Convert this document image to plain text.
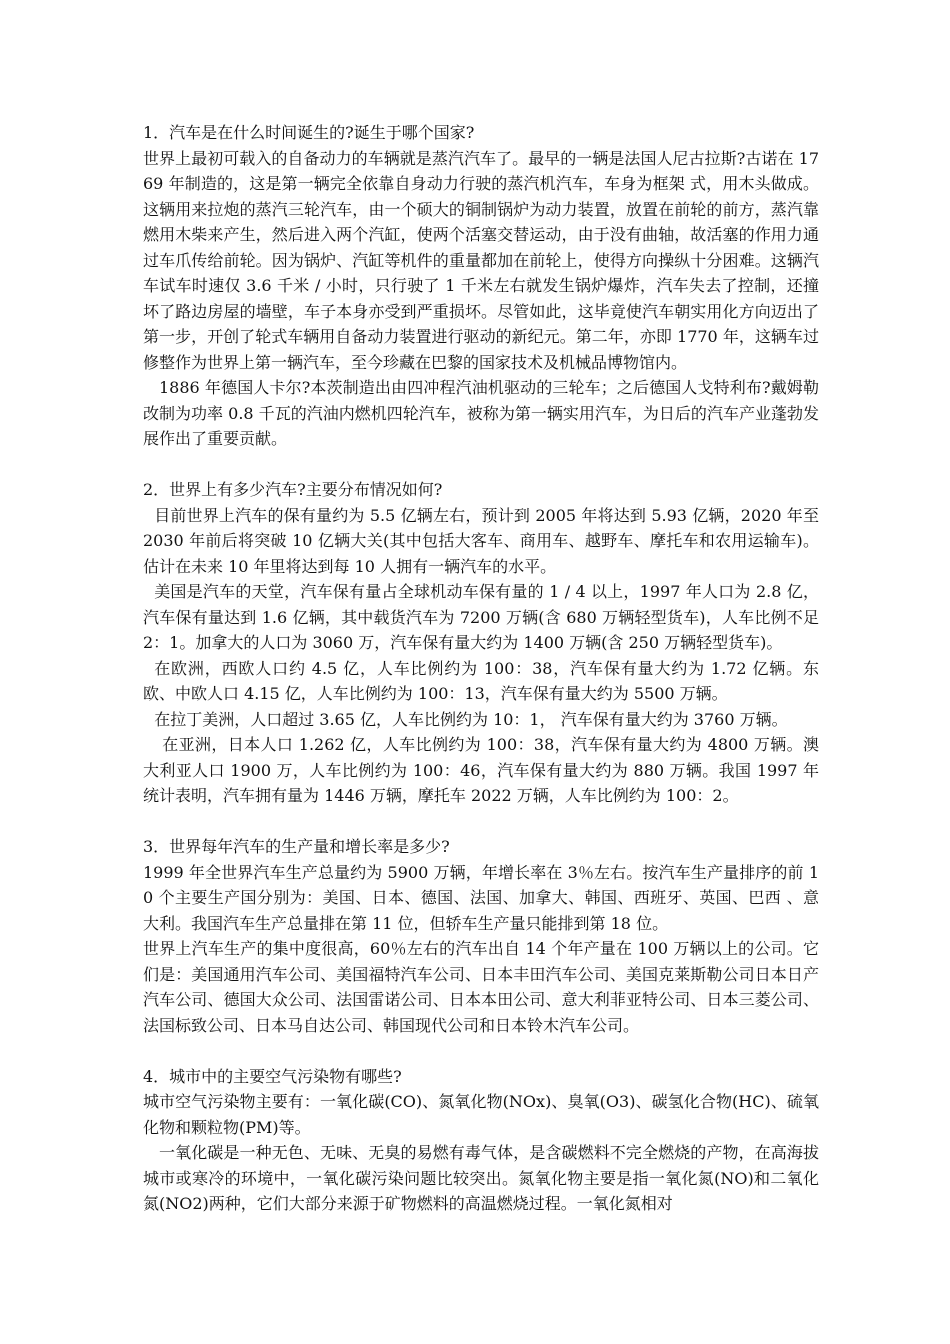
1．汽车是在什么时间诞生的?诞生于哪个国家?

世界上最初可载入的自备动力的车辆就是蒸汽汽车了。最早的一辆是法国人尼古拉斯?古诺在 1769 年制造的，这是第一辆完全依靠自身动力行驶的蒸汽机汽车，车身为框架 式，用木头做成。这辆用来拉炮的蒸汽三轮汽车，由一个硕大的铜制锅炉为动力装置，放置在前轮的前方，蒸汽靠燃用木柴来产生，然后进入两个汽缸，使两个活塞交替运动，由于没有曲轴，故活塞的作用力通过车爪传给前轮。因为锅炉、汽缸等机件的重量都加在前轮上，使得方向操纵十分困难。这辆汽车试车时速仅 3.6 千米 / 小时，只行驶了 1 千米左右就发生锅炉爆炸，汽车失去了控制，还撞坏了路边房屋的墙壁，车子本身亦受到严重损坏。尽管如此，这毕竟使汽车朝实用化方向迈出了第一步，开创了轮式车辆用自备动力装置进行驱动的新纪元。第二年，亦即 1770 年，这辆车过修整作为世界上第一辆汽车，至今珍藏在巴黎的国家技术及机械品博物馆内。

1886 年德国人卡尔?本茨制造出由四冲程汽油机驱动的三轮车；之后德国人戈特利布?戴姆勒改制为功率 0.8 千瓦的汽油内燃机四轮汽车，被称为第一辆实用汽车，为日后的汽车产业蓬勃发展作出了重要贡献。

2．世界上有多少汽车?主要分布情况如何?

目前世界上汽车的保有量约为 5.5 亿辆左右，预计到 2005 年将达到 5.93 亿辆，2020 年至 2030 年前后将突破 10 亿辆大关(其中包括大客车、商用车、越野车、摩托车和农用运输车)。估计在未来 10 年里将达到每 10 人拥有一辆汽车的水平。

美国是汽车的天堂，汽车保有量占全球机动车保有量的 1 / 4 以上，1997 年人口为 2.8 亿，汽车保有量达到 1.6 亿辆，其中载货汽车为 7200 万辆(含 680 万辆轻型货车)，人车比例不足 2：1。加拿大的人口为 3060 万，汽车保有量大约为 1400 万辆(含 250 万辆轻型货车)。

在欧洲，西欧人口约 4.5 亿，人车比例约为 100：38，汽车保有量大约为 1.72 亿辆。东欧、中欧人口 4.15 亿，人车比例约为 100：13，汽车保有量大约为 5500 万辆。

在拉丁美洲，人口超过 3.65 亿，人车比例约为 10：1， 汽车保有量大约为 3760 万辆。

在亚洲，日本人口 1.262 亿，人车比例约为 100：38，汽车保有量大约为 4800 万辆。澳大利亚人口 1900 万，人车比例约为 100：46，汽车保有量大约为 880 万辆。我国 1997 年统计表明，汽车拥有量为 1446 万辆，摩托车 2022 万辆，人车比例约为 100：2。

3．世界每年汽车的生产量和增长率是多少?

1999 年全世界汽车生产总量约为 5900 万辆，年增长率在 3％左右。按汽车生产量排序的前 10 个主要生产国分别为：美国、日本、德国、法国、加拿大、韩国、西班牙、英国、巴西 、意大利。我国汽车生产总量排在第 11 位，但轿车生产量只能排到第 18 位。

世界上汽车生产的集中度很高，60％左右的汽车出自 14 个年产量在 100 万辆以上的公司。它们是：美国通用汽车公司、美国福特汽车公司、日本丰田汽车公司、美国克莱斯勒公司日本日产汽车公司、德国大众公司、法国雷诺公司、日本本田公司、意大利菲亚特公司、日本三菱公司、法国标致公司、日本马自达公司、韩国现代公司和日本铃木汽车公司。

4．城市中的主要空气污染物有哪些?

城市空气污染物主要有：一氧化碳(CO)、氮氧化物(NOx)、臭氧(O3)、碳氢化合物(HC)、硫氧化物和颗粒物(PM)等。

一氧化碳是一种无色、无味、无臭的易燃有毒气体，是含碳燃料不完全燃烧的产物，在高海拔城市或寒冷的环境中，一氧化碳污染问题比较突出。氮氧化物主要是指一氧化氮(NO)和二氧化氮(NO2)两种，它们大部分来源于矿物燃料的高温燃烧过程。一氧化氮相对
